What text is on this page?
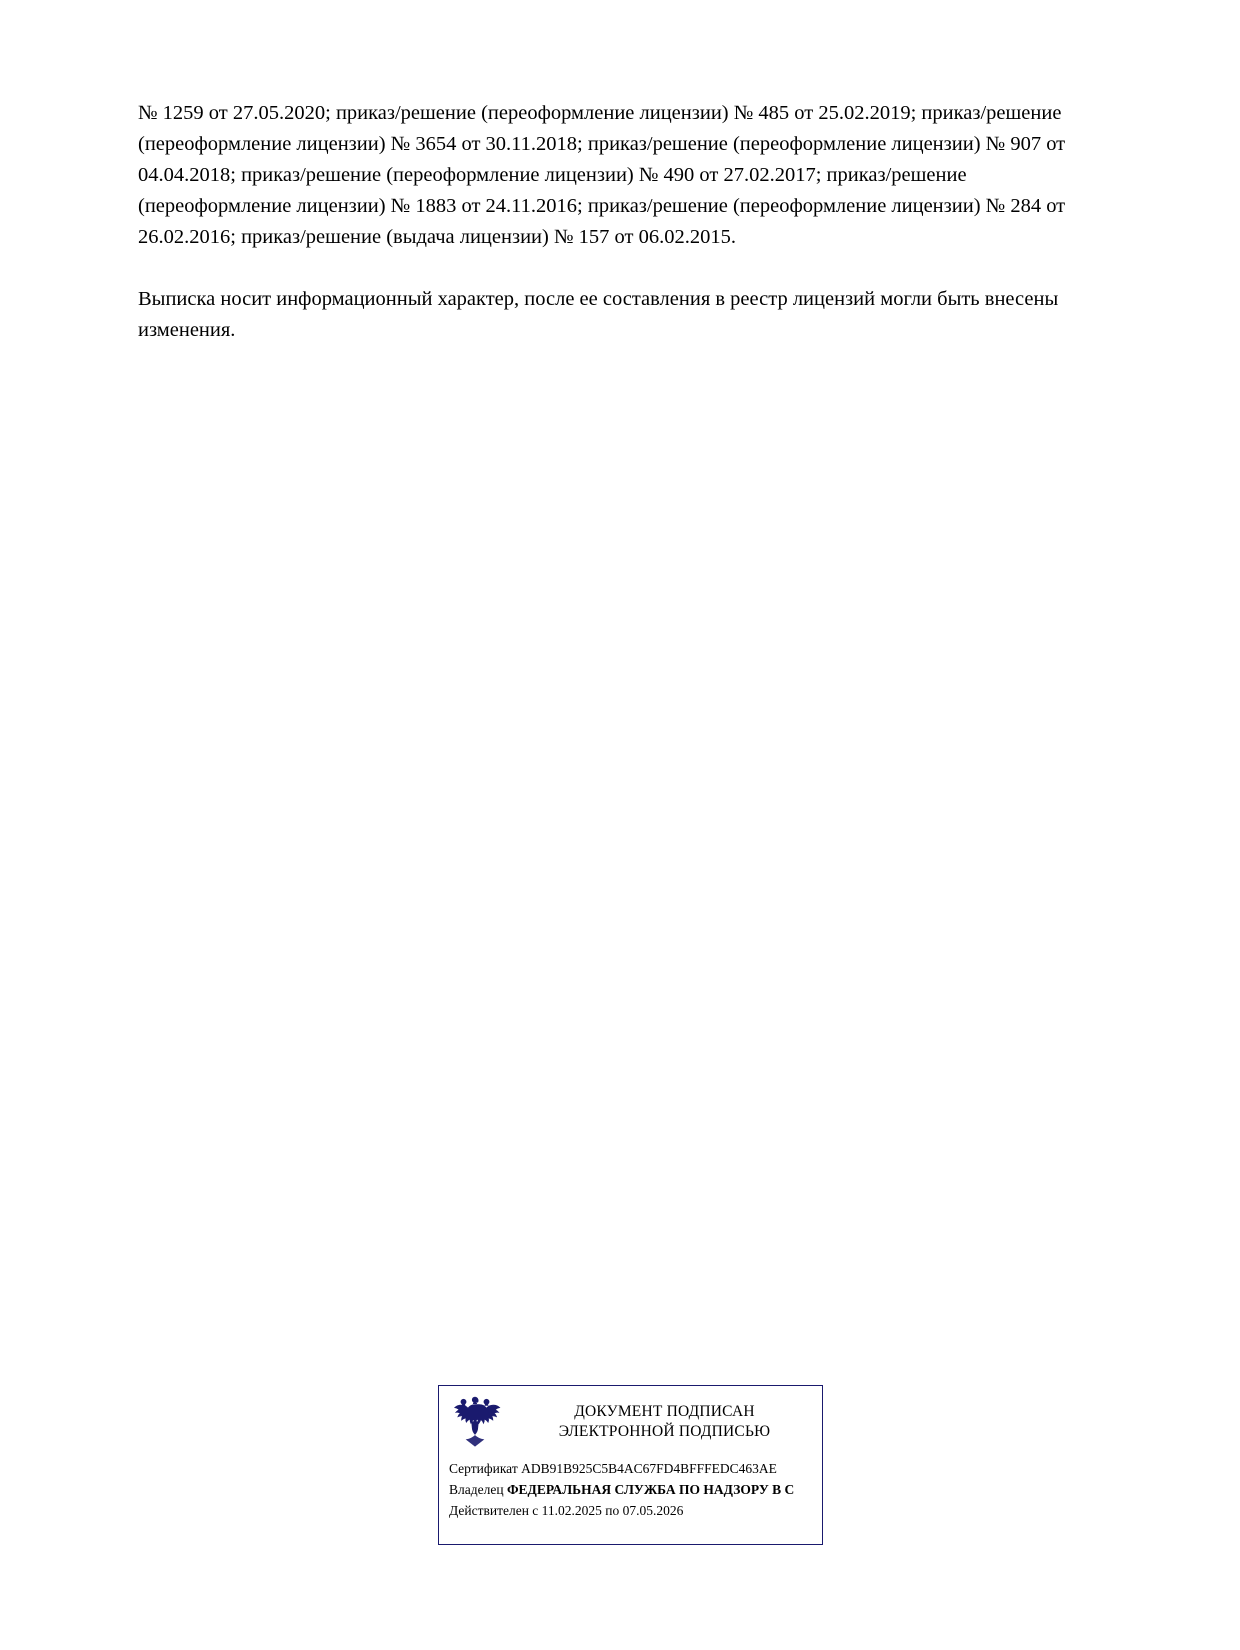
№ 1259 от 27.05.2020; приказ/решение (переоформление лицензии) № 485 от 25.02.2019; приказ/решение (переоформление лицензии) № 3654 от 30.11.2018; приказ/решение (переоформление лицензии) № 907 от 04.04.2018; приказ/решение (переоформление лицензии) № 490 от 27.02.2017; приказ/решение (переоформление лицензии) № 1883 от 24.11.2016; приказ/решение (переоформление лицензии) № 284 от 26.02.2016; приказ/решение (выдача лицензии) № 157 от 06.02.2015.

Выписка носит информационный характер, после ее составления в реестр лицензий могли быть внесены изменения.

ДОКУМЕНТ ПОДПИСАН
ЭЛЕКТРОННОЙ ПОДПИСЬЮ
Сертификат ADB91B925C5B4AC67FD4BFFFEDC463AE
Владелец ФЕДЕРАЛЬНАЯ СЛУЖБА ПО НАДЗОРУ В С
Действителен с 11.02.2025 по 07.05.2026
